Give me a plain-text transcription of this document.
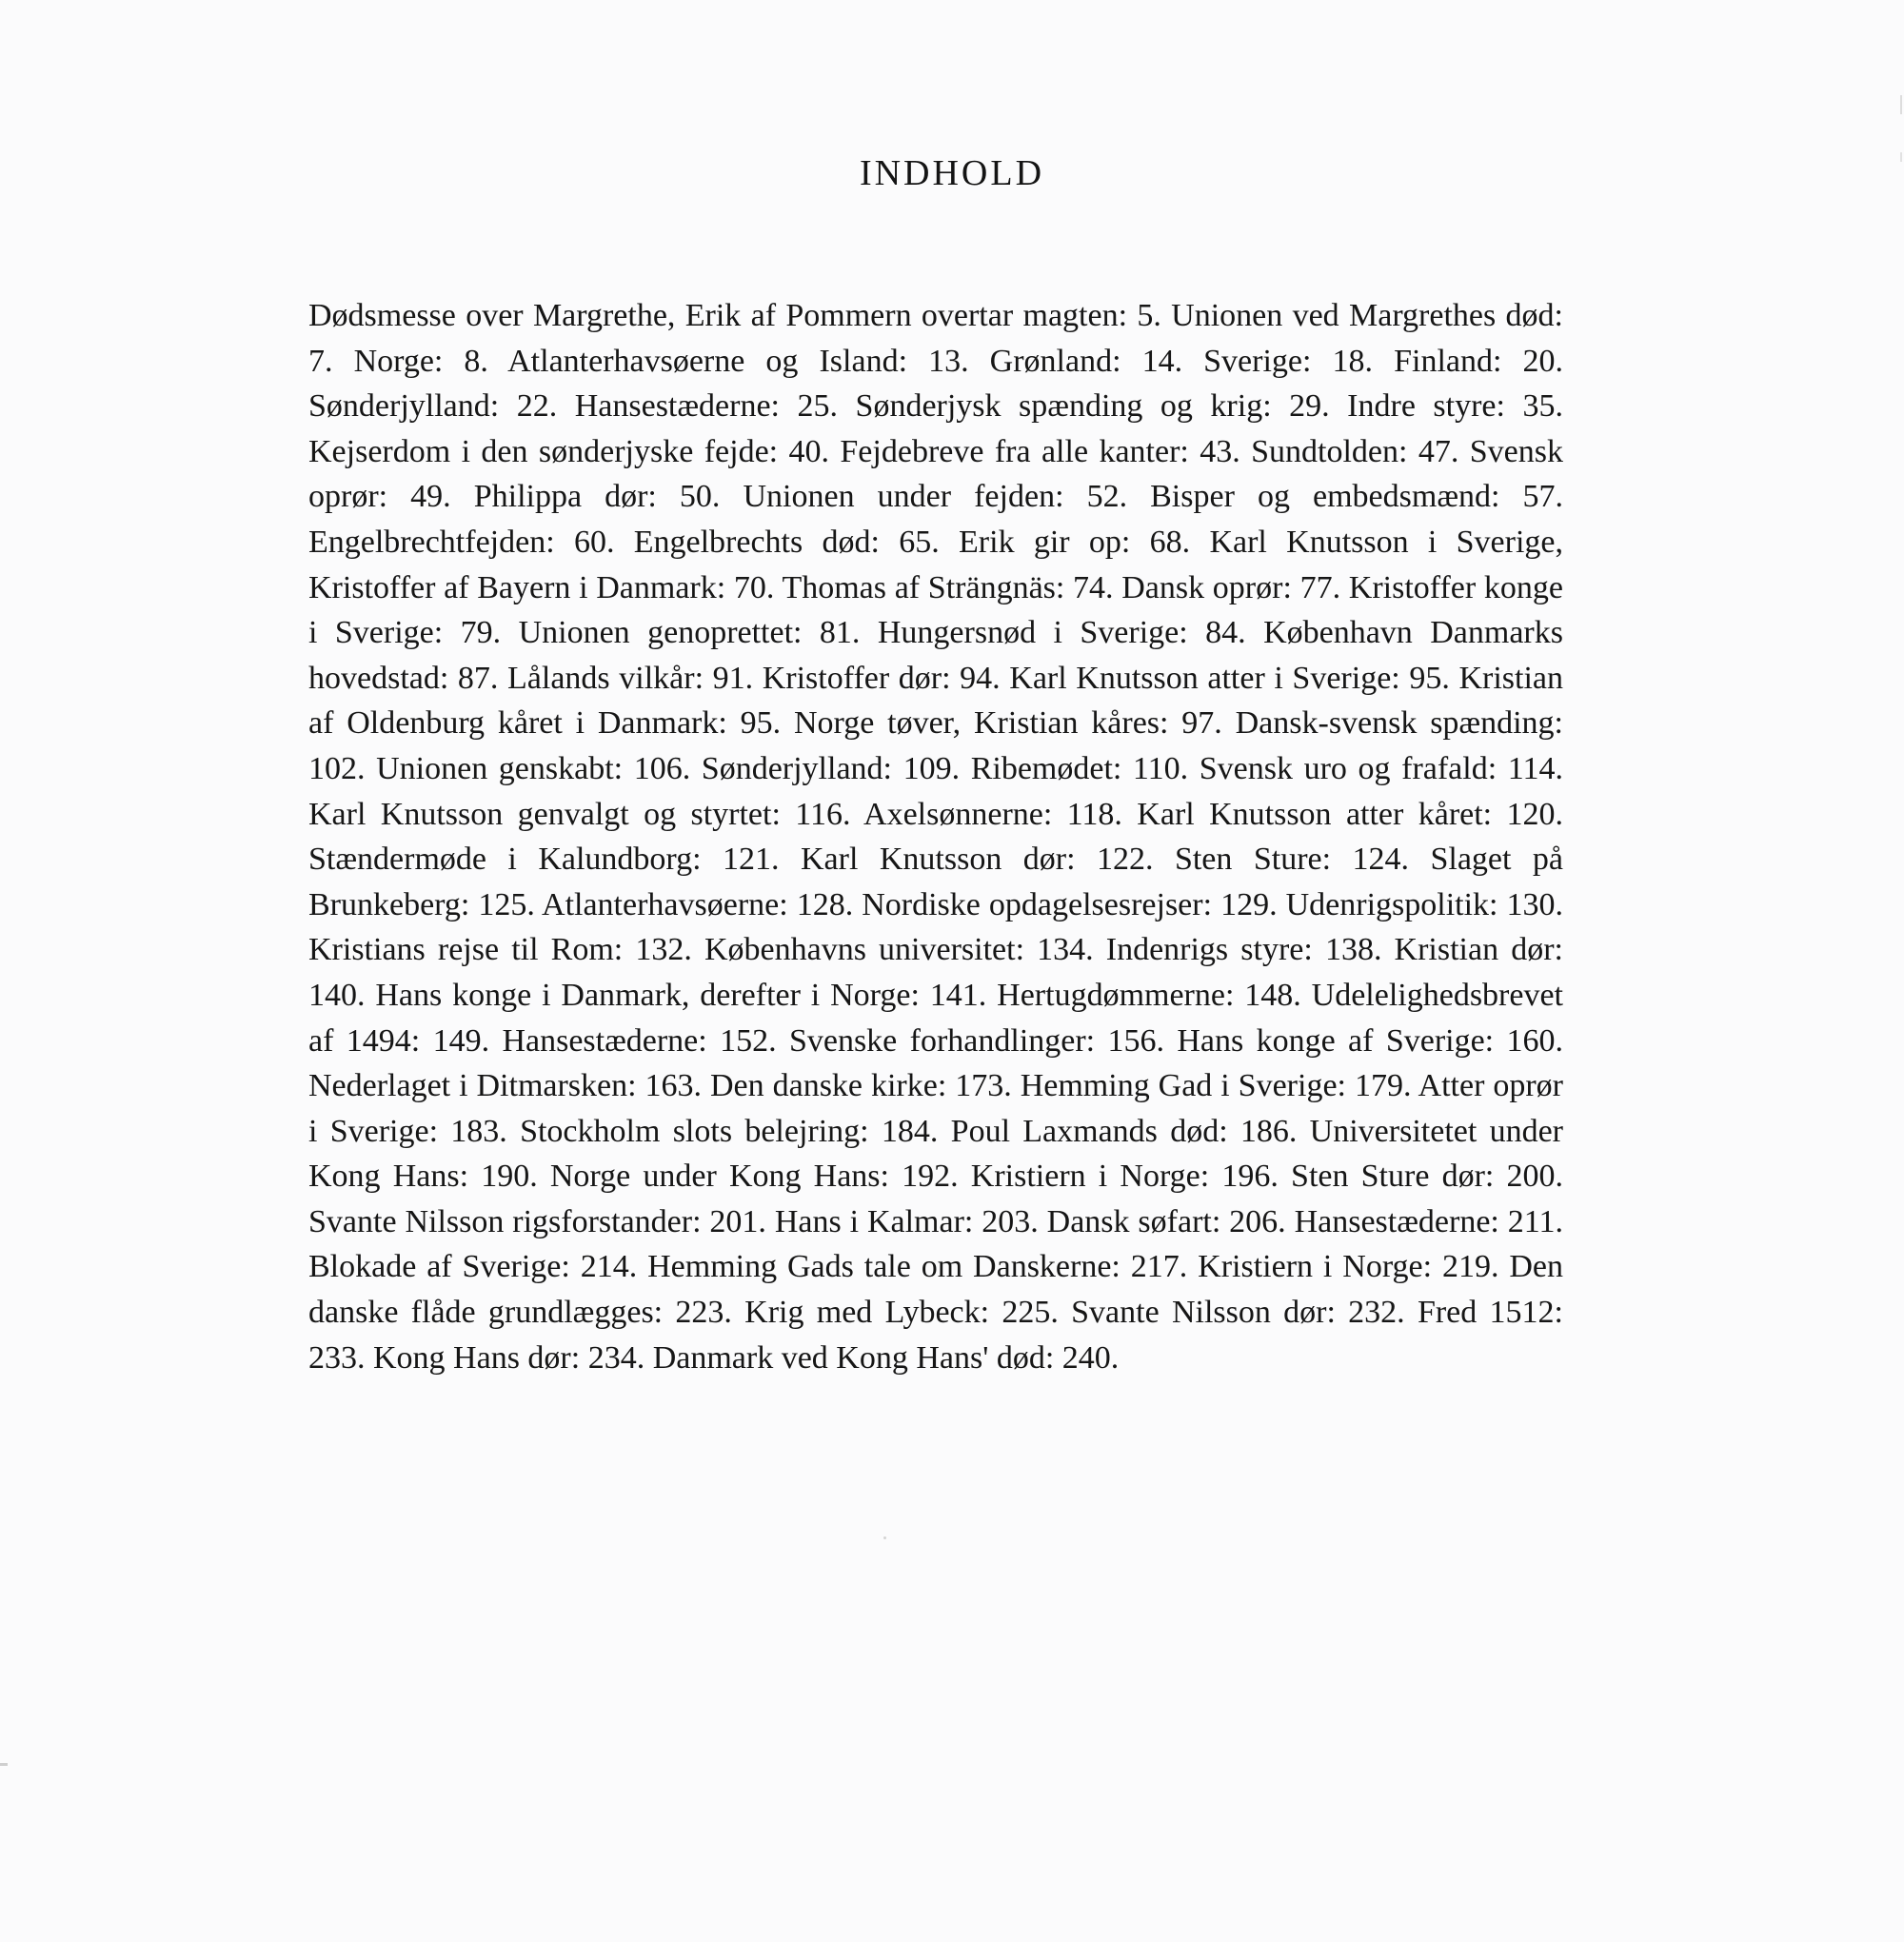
INDHOLD

Dødsmesse over Margrethe, Erik af Pommern overtar magten: 5. Unionen ved Margrethes død: 7. Norge: 8. Atlanterhavsøerne og Island: 13. Grønland: 14. Sverige: 18. Finland: 20. Sønderjylland: 22. Hansestæderne: 25. Sønderjysk spænding og krig: 29. Indre styre: 35. Kejserdom i den sønderjyske fejde: 40. Fejdebreve fra alle kanter: 43. Sundtolden: 47. Svensk oprør: 49. Philippa dør: 50. Unionen under fejden: 52. Bisper og embedsmænd: 57. Engelbrechtfejden: 60. Engelbrechts død: 65. Erik gir op: 68. Karl Knutsson i Sverige, Kristoffer af Bayern i Danmark: 70. Thomas af Strängnäs: 74. Dansk oprør: 77. Kristoffer konge i Sverige: 79. Unionen genoprettet: 81. Hungersnød i Sverige: 84. København Danmarks hovedstad: 87. Lålands vilkår: 91. Kristoffer dør: 94. Karl Knutsson atter i Sverige: 95. Kristian af Oldenburg kåret i Danmark: 95. Norge tøver, Kristian kåres: 97. Dansk-svensk spænding: 102. Unionen genskabt: 106. Sønderjylland: 109. Ribemødet: 110. Svensk uro og frafald: 114. Karl Knutsson genvalgt og styrtet: 116. Axelsønnerne: 118. Karl Knutsson atter kåret: 120. Stændermøde i Kalundborg: 121. Karl Knutsson dør: 122. Sten Sture: 124. Slaget på Brunkeberg: 125. Atlanterhavsøerne: 128. Nordiske opdagelsesrejser: 129. Udenrigspolitik: 130. Kristians rejse til Rom: 132. Københavns universitet: 134. Indenrigs styre: 138. Kristian dør: 140. Hans konge i Danmark, derefter i Norge: 141. Hertugdømmerne: 148. Udelelighedsbrevet af 1494: 149. Hansestæderne: 152. Svenske forhandlinger: 156. Hans konge af Sverige: 160. Nederlaget i Ditmarsken: 163. Den danske kirke: 173. Hemming Gad i Sverige: 179. Atter oprør i Sverige: 183. Stockholm slots belejring: 184. Poul Laxmands død: 186. Universitetet under Kong Hans: 190. Norge under Kong Hans: 192. Kristiern i Norge: 196. Sten Sture dør: 200. Svante Nilsson rigsforstander: 201. Hans i Kalmar: 203. Dansk søfart: 206. Hansestæderne: 211. Blokade af Sverige: 214. Hemming Gads tale om Danskerne: 217. Kristiern i Norge: 219. Den danske flåde grundlægges: 223. Krig med Lybeck: 225. Svante Nilsson dør: 232. Fred 1512: 233. Kong Hans dør: 234. Danmark ved Kong Hans' død: 240.
